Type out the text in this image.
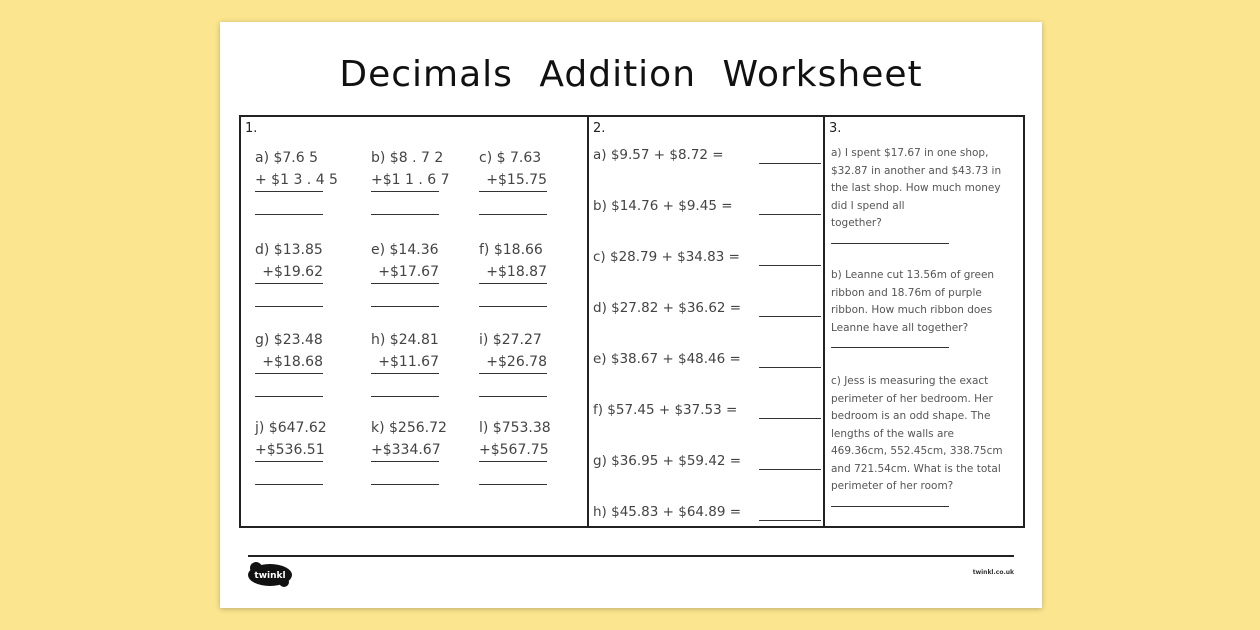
Decimals Addition Worksheet
1.
a) $7.6 5
+ $1 3 . 4 5
b) $8 . 7 2
+$1 1 . 6 7
c) $ 7.63
+$15.75
d) $13.85
+$19.62
e) $14.36
+$17.67
f) $18.66
+$18.87
g) $23.48
+$18.68
h) $24.81
+$11.67
i) $27.27
+$26.78
j) $647.62
+$536.51
k) $256.72
+$334.67
l) $753.38
+$567.75
2.
a) $9.57 + $8.72 =
b) $14.76 + $9.45 =
c) $28.79 + $34.83 =
d) $27.82 + $36.62 =
e) $38.67 + $48.46 =
f) $57.45 + $37.53 =
g) $36.95 + $59.42 =
h) $45.83 + $64.89 =
3.
a) I spent $17.67 in one shop,
$32.87 in another and $43.73 in
the last shop. How much money
did I spend all
together?
b) Leanne cut 13.56m of green
ribbon and 18.76m of purple
ribbon. How much ribbon does
Leanne have all together?
c) Jess is measuring the exact
perimeter of her bedroom. Her
bedroom is an odd shape. The
lengths of the walls are
469.36cm, 552.45cm, 338.75cm
and 721.54cm. What is the total
perimeter of her room?
twinkl	twinkl.co.uk
